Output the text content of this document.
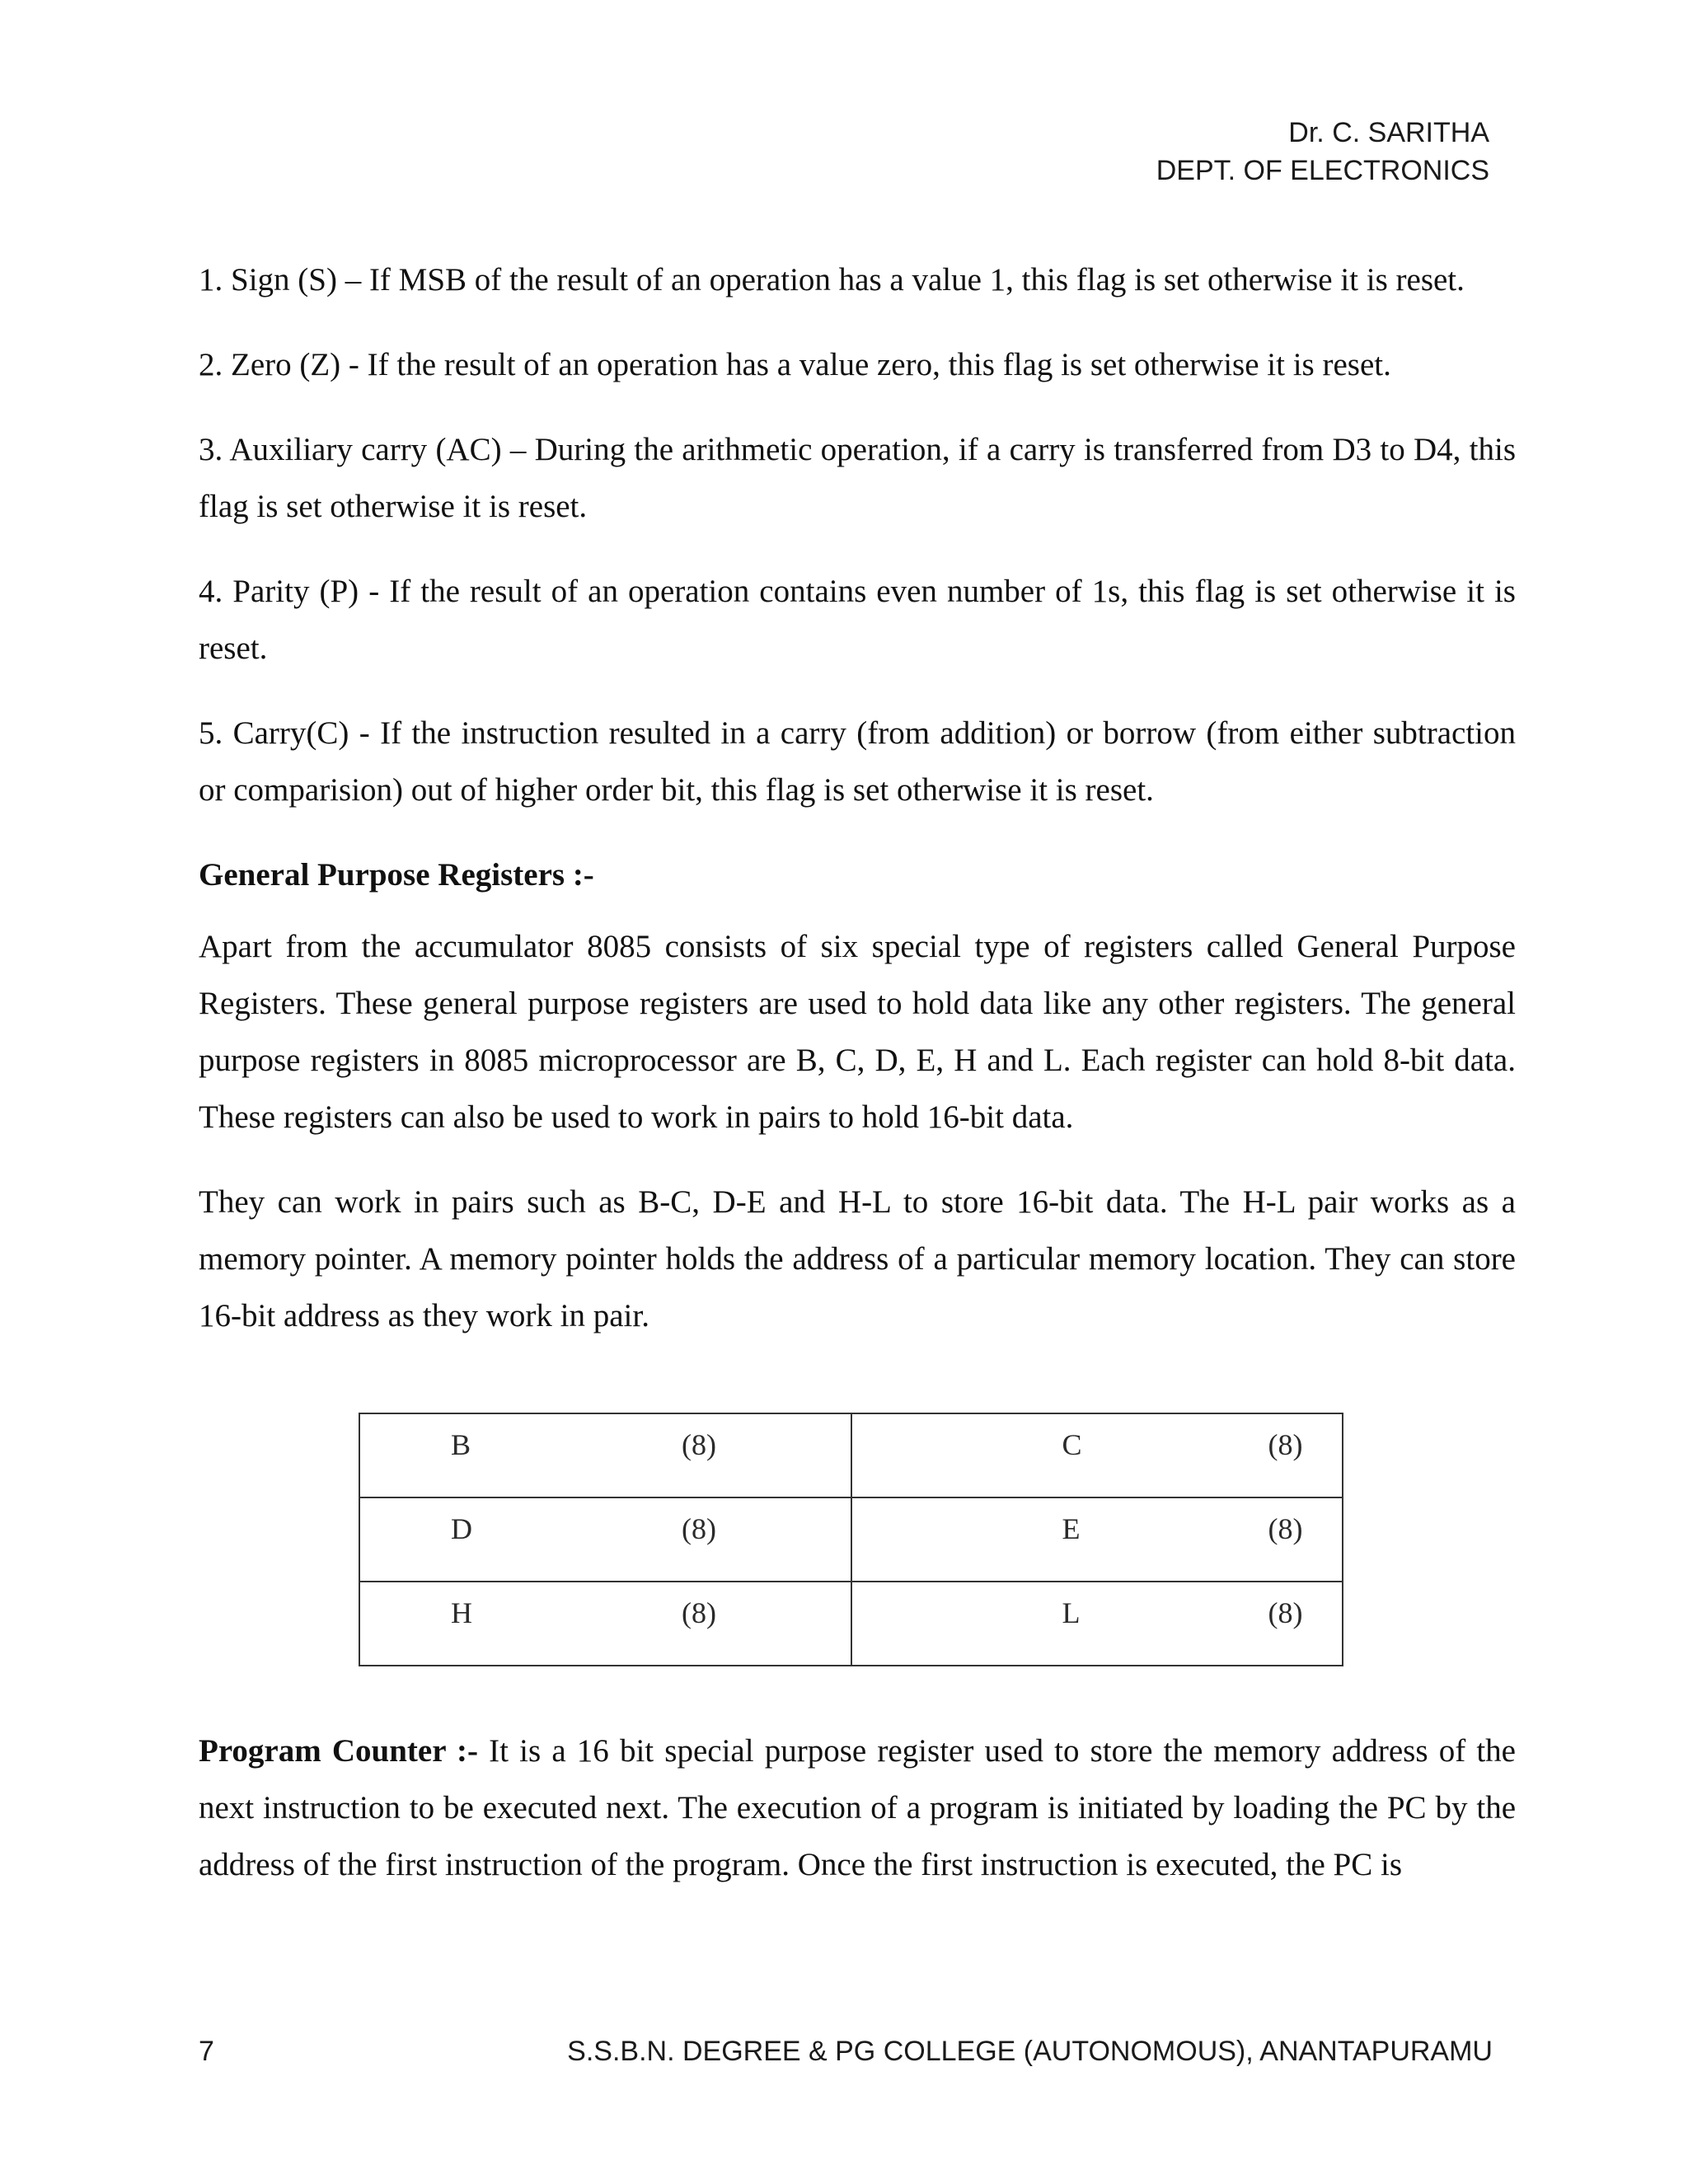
Dr. C. SARITHA
DEPT. OF ELECTRONICS

1. Sign (S) – If MSB of the result of an operation has a value 1, this flag is set otherwise it is reset.

2. Zero (Z) - If the result of an operation has a value zero, this flag is set otherwise it is reset.

3. Auxiliary carry (AC) – During the arithmetic operation, if a carry is transferred from D3 to D4, this flag is set otherwise it is reset.

4. Parity (P) - If the result of an operation contains even number of 1s, this flag is set otherwise it is reset.

5. Carry(C) - If the instruction resulted in a carry (from addition) or borrow (from either subtraction or comparision) out of higher order bit, this flag is set otherwise it is reset.

General Purpose Registers :-

Apart from the accumulator 8085 consists of six special type of registers called General Purpose Registers. These general purpose registers are used to hold data like any other registers. The general purpose registers in 8085 microprocessor are B, C, D, E, H and L. Each register can hold 8-bit data. These registers can also be used to work in pairs to hold 16-bit data.

They can work in pairs such as B-C, D-E and H-L to store 16-bit data. The H-L pair works as a memory pointer. A memory pointer holds the address of a particular memory location. They can store 16-bit address as they work in pair.

B (8)	C (8)

D (8)	E (8)

H (8)	L (8)

Program Counter :- It is a 16 bit special purpose register used to store the memory address of the next instruction to be executed next. The execution of a program is initiated by loading the PC by the address of the first instruction of the program. Once the first instruction is executed, the PC is

7	S.S.B.N. DEGREE & PG COLLEGE (AUTONOMOUS), ANANTAPURAMU
